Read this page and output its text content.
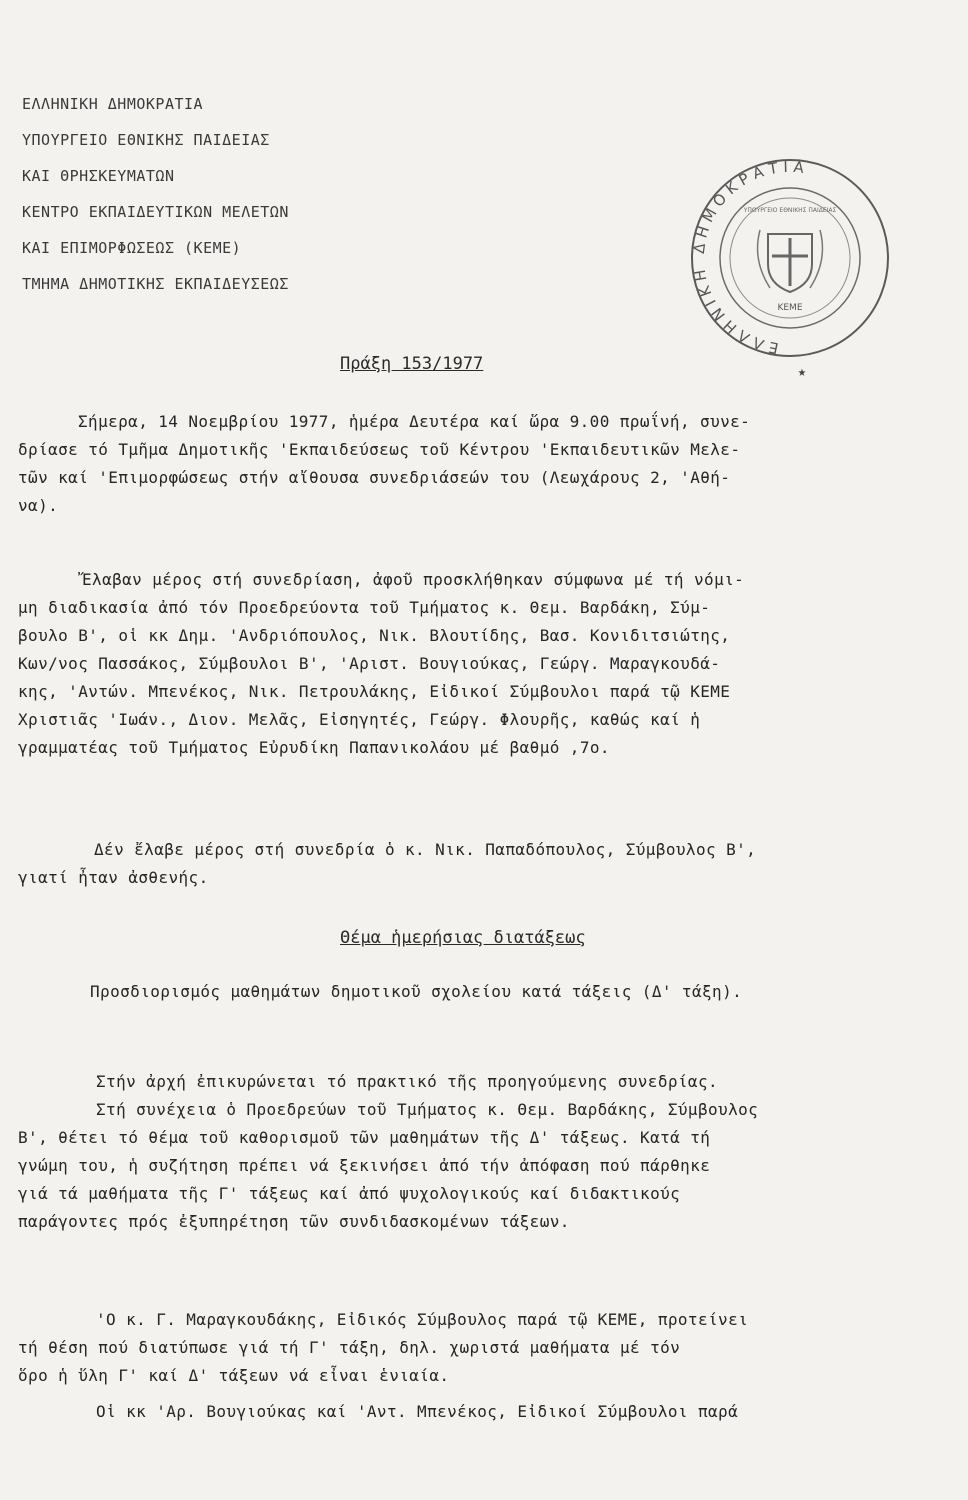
ΕΛΛΗΝΙΚΗ ΔΗΜΟΚΡΑΤΙΑ
ΥΠΟΥΡΓΕΙΟ ΕΘΝΙΚΗΣ ΠΑΙΔΕΙΑΣ
ΚΑΙ ΘΡΗΣΚΕΥΜΑΤΩΝ
ΚΕΝΤΡΟ ΕΚΠΑΙΔΕΥΤΙΚΩΝ ΜΕΛΕΤΩΝ
ΚΑΙ ΕΠΙΜΟΡΦΩΣΕΩΣ (ΚΕΜΕ)
ΤΜΗΜΑ ΔΗΜΟΤΙΚΗΣ ΕΚΠΑΙΔΕΥΣΕΩΣ
ΕΛΛΗΝΙΚΗ ΔΗΜΟΚΡΑΤΙΑ
ΥΠΟΥΡΓΕΙΟ ΕΘΝΙΚΗΣ ΠΑΙΔΕΙΑΣ
ΚΕΜΕ
★
Πράξη 153/1977
Σήμερα, 14 Νοεμβρίου 1977, ἡμέρα Δευτέρα καί ὥρα 9.00 πρωΐνή, συνε-
δρίασε τό Τμῆμα Δημοτικῆς 'Εκπαιδεύσεως τοῦ Κέντρου 'Εκπαιδευτικῶν Μελε-
τῶν καί 'Επιμορφώσεως στήν αἴθουσα συνεδριάσεών του (Λεωχάρους 2, 'Αθή-
να).
Ἔλαβαν μέρος στή συνεδρίαση, ἀφοῦ προσκλήθηκαν σύμφωνα μέ τή νόμι-
μη διαδικασία ἀπό τόν Προεδρεύοντα τοῦ Τμήματος κ. Θεμ. Βαρδάκη, Σύμ-
βουλο Β', οἱ κκ Δημ. 'Ανδριόπουλος, Νικ. Βλουτίδης, Βασ. Κονιδιτσιώτης,
Κων/νος Πασσάκος, Σύμβουλοι Β', 'Αριστ. Βουγιούκας, Γεώργ. Μαραγκουδά-
κης, 'Αντών. Μπενέκος, Νικ. Πετρουλάκης, Εἰδικοί Σύμβουλοι παρά τῷ ΚΕΜΕ
Χριστιᾶς 'Ιωάν., Διον. Μελᾶς, Εἰσηγητές, Γεώργ. Φλουρῆς, καθώς καί ἡ
γραμματέας τοῦ Τμήματος Εὐρυδίκη Παπανικολάου μέ βαθμό ,7ο.
Δέν ἔλαβε μέρος στή συνεδρία ὁ κ. Νικ. Παπαδόπουλος, Σύμβουλος Β',
γιατί ἦταν ἀσθενής.
Θέμα ἡμερήσιας διατάξεως
Προσδιορισμός μαθημάτων δημοτικοῦ σχολείου κατά τάξεις (Δ' τάξη).
Στήν ἀρχή ἐπικυρώνεται τό πρακτικό τῆς προηγούμενης συνεδρίας.
Στή συνέχεια ὁ Προεδρεύων τοῦ Τμήματος κ. Θεμ. Βαρδάκης, Σύμβουλος
Β', θέτει τό θέμα τοῦ καθορισμοῦ τῶν μαθημάτων τῆς Δ' τάξεως. Κατά τή
γνώμη του, ἡ συζήτηση πρέπει νά ξεκινήσει ἀπό τήν ἀπόφαση πού πάρθηκε
γιά τά μαθήματα τῆς Γ' τάξεως καί ἀπό ψυχολογικούς καί διδακτικούς
παράγοντες πρός ἐξυπηρέτηση τῶν συνδιδασκομένων τάξεων.
'Ο κ. Γ. Μαραγκουδάκης, Εἰδικός Σύμβουλος παρά τῷ ΚΕΜΕ, προτείνει
τή θέση πού διατύπωσε γιά τή Γ' τάξη, δηλ. χωριστά μαθήματα μέ τόν
ὅρο ἡ ὕλη Γ' καί Δ' τάξεων νά εἶναι ἑνιαία.
Οἱ κκ 'Αρ. Βουγιούκας καί 'Αντ. Μπενέκος, Εἰδικοί Σύμβουλοι παρά
